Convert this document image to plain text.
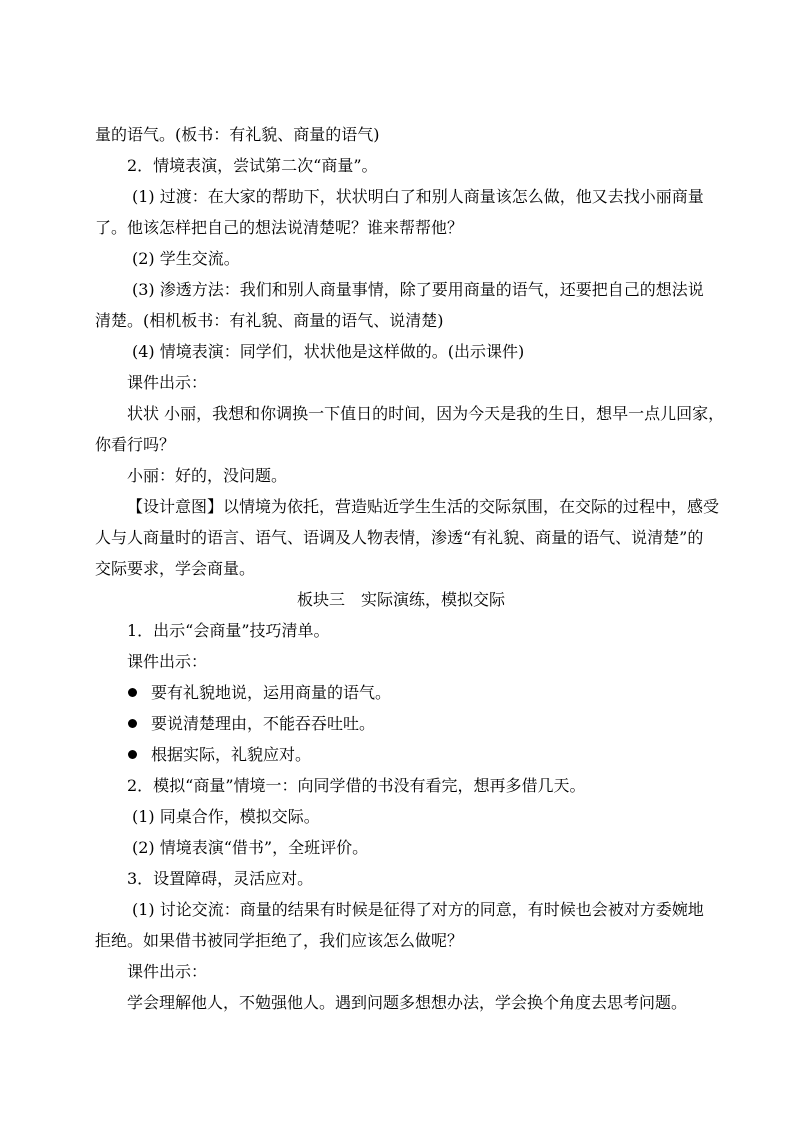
量的语气。(板书：有礼貌、商量的语气)
2．情境表演，尝试第二次“商量”。
(1) 过渡：在大家的帮助下，状状明白了和别人商量该怎么做，他又去找小丽商量
了。他该怎样把自己的想法说清楚呢？谁来帮帮他？
(2) 学生交流。
(3) 渗透方法：我们和别人商量事情，除了要用商量的语气，还要把自己的想法说
清楚。(相机板书：有礼貌、商量的语气、说清楚)
(4) 情境表演：同学们，状状他是这样做的。(出示课件)
课件出示：
状状 小丽，我想和你调换一下值日的时间，因为今天是我的生日，想早一点儿回家，
你看行吗？
小丽：好的，没问题。
【设计意图】以情境为依托，营造贴近学生生活的交际氛围，在交际的过程中，感受
人与人商量时的语言、语气、语调及人物表情，渗透“有礼貌、商量的语气、说清楚”的
交际要求，学会商量。
板块三　实际演练，模拟交际
1．出示“会商量”技巧清单。
课件出示：
要有礼貌地说，运用商量的语气。
要说清楚理由，不能吞吞吐吐。
根据实际，礼貌应对。
2．模拟“商量”情境一：向同学借的书没有看完，想再多借几天。
(1) 同桌合作，模拟交际。
(2) 情境表演“借书”，全班评价。
3．设置障碍，灵活应对。
(1) 讨论交流：商量的结果有时候是征得了对方的同意，有时候也会被对方委婉地
拒绝。如果借书被同学拒绝了，我们应该怎么做呢？
课件出示：
学会理解他人，不勉强他人。遇到问题多想想办法，学会换个角度去思考问题。
